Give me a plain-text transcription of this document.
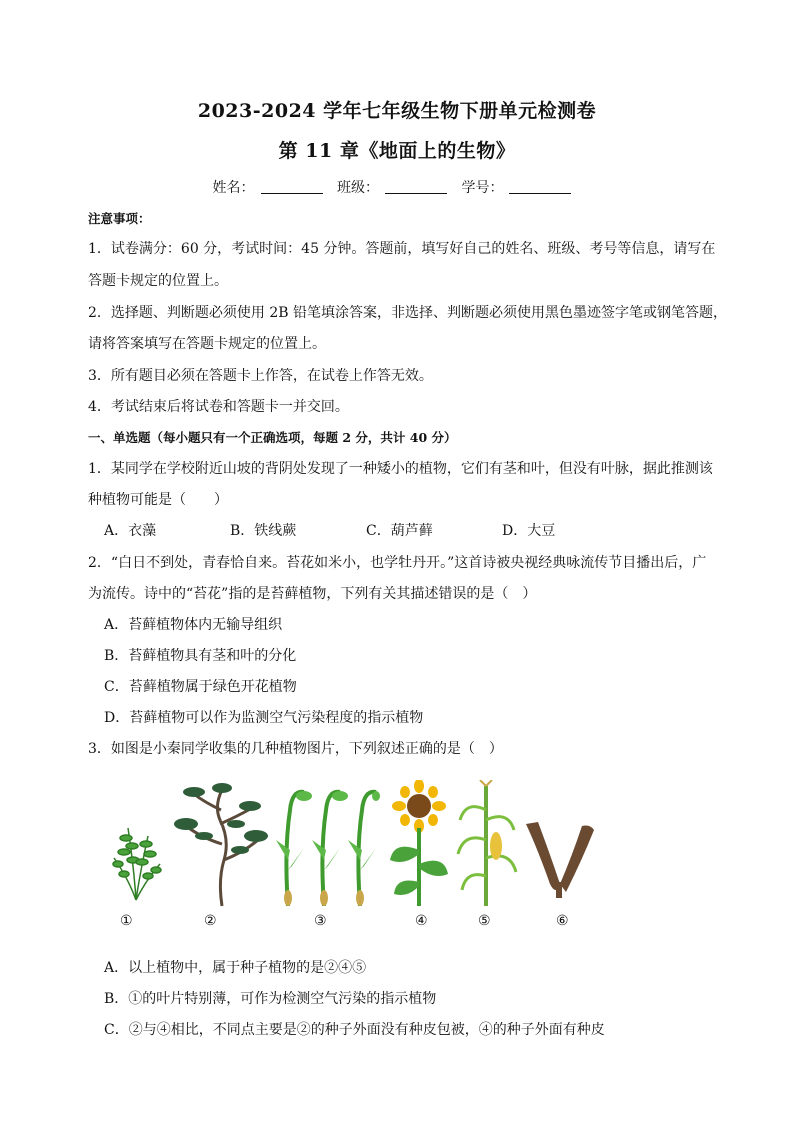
2023-2024 学年七年级生物下册单元检测卷
第 11 章《地面上的生物》
姓名：	班级：	学号：
注意事项：
1．试卷满分：60 分，考试时间：45 分钟。答题前，填写好自己的姓名、班级、考号等信息，请写在
答题卡规定的位置上。
2．选择题、判断题必须使用 2B 铅笔填涂答案，非选择、判断题必须使用黑色墨迹签字笔或钢笔答题，
请将答案填写在答题卡规定的位置上。
3．所有题目必须在答题卡上作答，在试卷上作答无效。
4．考试结束后将试卷和答题卡一并交回。
一、单选题（每小题只有一个正确选项，每题 2 分，共计 40 分）
1．某同学在学校附近山坡的背阴处发现了一种矮小的植物，它们有茎和叶，但没有叶脉，据此推测该
种植物可能是（　　）
A．衣藻	B．铁线蕨	C．葫芦藓	D．大豆
2．“白日不到处，青春恰自来。苔花如米小，也学牡丹开。”这首诗被央视经典咏流传节目播出后，广
为流传。诗中的“苔花”指的是苔藓植物，下列有关其描述错误的是（　）
A．苔藓植物体内无输导组织
B．苔藓植物具有茎和叶的分化
C．苔藓植物属于绿色开花植物
D．苔藓植物可以作为监测空气污染程度的指示植物
3．如图是小秦同学收集的几种植物图片，下列叙述正确的是（　）
①	②	③	④	⑤	⑥
A．以上植物中，属于种子植物的是②④⑤
B．①的叶片特别薄，可作为检测空气污染的指示植物
C．②与④相比，不同点主要是②的种子外面没有种皮包被，④的种子外面有种皮
